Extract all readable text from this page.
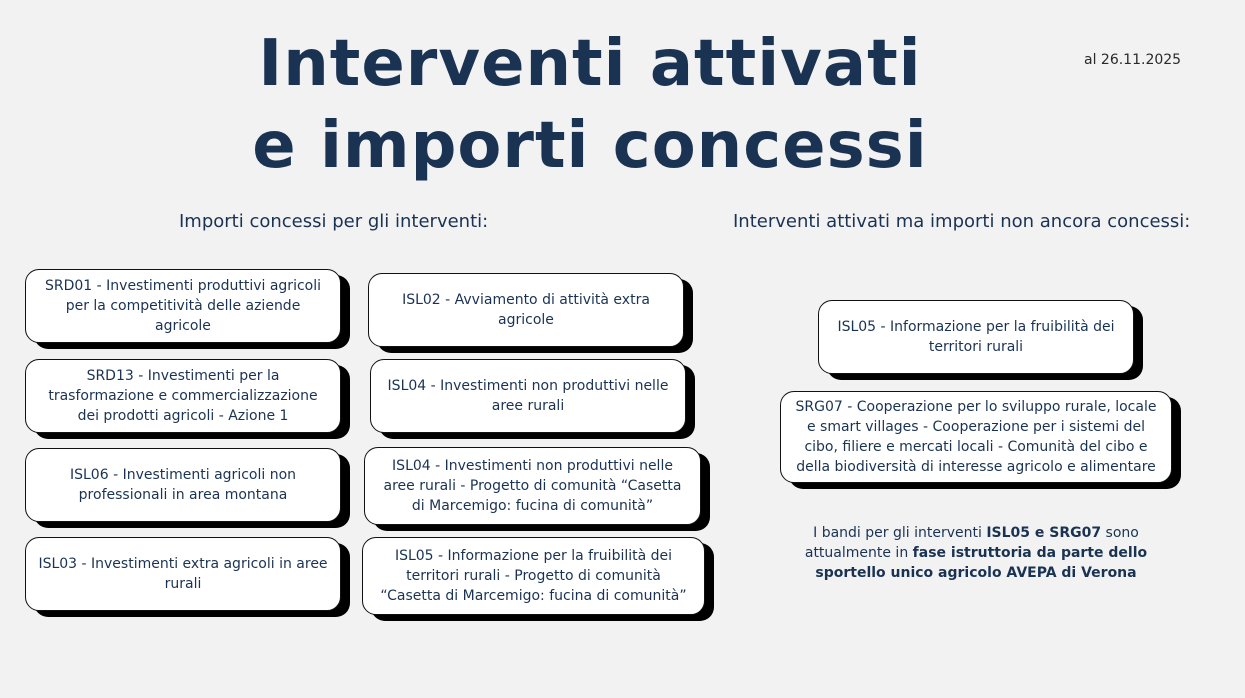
Interventi attivati
e importi concessi
al 26.11.2025
Importi concessi per gli interventi:	Interventi attivati ma importi non ancora concessi:
SRD01 - Investimenti produttivi agricoli per la competitività delle aziende agricole
ISL02 - Avviamento di attività extra agricole
SRD13 - Investimenti per la trasformazione e commercializzazione dei prodotti agricoli - Azione 1
ISL04 - Investimenti non produttivi nelle aree rurali
ISL06 - Investimenti agricoli non professionali in area montana
ISL04 - Investimenti non produttivi nelle aree rurali - Progetto di comunità “Casetta di Marcemigo: fucina di comunità”
ISL03 - Investimenti extra agricoli in aree rurali
ISL05 - Informazione per la fruibilità dei territori rurali - Progetto di comunità “Casetta di Marcemigo: fucina di comunità”
ISL05 - Informazione per la fruibilità dei territori rurali
SRG07 - Cooperazione per lo sviluppo rurale, locale e smart villages - Cooperazione per i sistemi del cibo, filiere e mercati locali - Comunità del cibo e della biodiversità di interesse agricolo e alimentare
I bandi per gli interventi ISL05 e SRG07 sono attualmente in fase istruttoria da parte dello sportello unico agricolo AVEPA di Verona
